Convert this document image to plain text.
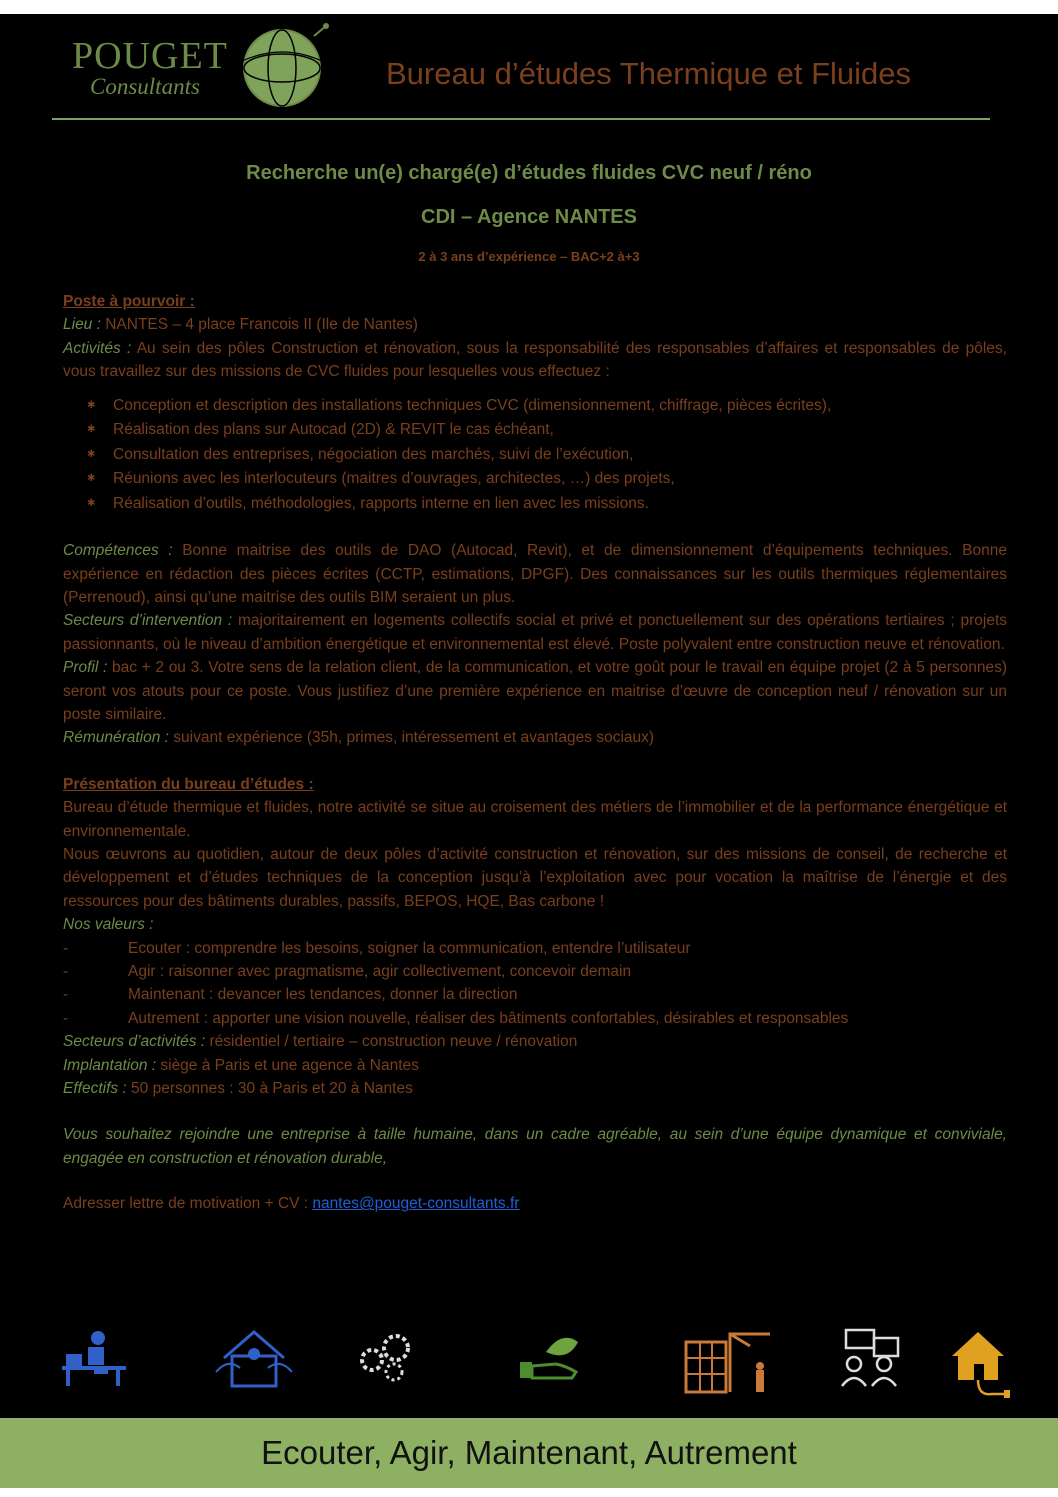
POUGET
Consultants	Bureau d’études Thermique et Fluides
Recherche un(e) chargé(e) d’études fluides CVC neuf / réno
CDI – Agence NANTES
2 à 3 ans d’expérience – BAC+2 à+3

Poste à pourvoir :

Lieu : NANTES – 4 place Francois II (Ile de Nantes)

Activités : Au sein des pôles Construction et rénovation, sous la responsabilité des responsables d’affaires et responsables de pôles, vous travaillez sur des missions de CVC fluides pour lesquelles vous effectuez :

✱ Conception et description des installations techniques CVC (dimensionnement, chiffrage, pièces écrites),
✱ Réalisation des plans sur Autocad (2D) & REVIT le cas échéant,
✱ Consultation des entreprises, négociation des marchés, suivi de l’exécution,
✱ Réunions avec les interlocuteurs (maitres d’ouvrages, architectes, …) des projets,
✱ Réalisation d’outils, méthodologies, rapports interne en lien avec les missions.

Compétences : Bonne maitrise des outils de DAO (Autocad, Revit), et de dimensionnement d’équipements techniques. Bonne expérience en rédaction des pièces écrites (CCTP, estimations, DPGF). Des connaissances sur les outils thermiques réglementaires (Perrenoud), ainsi qu’une maitrise des outils BIM seraient un plus.

Secteurs d’intervention : majoritairement en logements collectifs social et privé et ponctuellement sur des opérations tertiaires ; projets passionnants, où le niveau d’ambition énergétique et environnemental est élevé. Poste polyvalent entre construction neuve et rénovation.

Profil : bac + 2 ou 3. Votre sens de la relation client, de la communication, et votre goût pour le travail en équipe projet (2 à 5 personnes) seront vos atouts pour ce poste. Vous justifiez d’une première expérience en maitrise d’œuvre de conception neuf / rénovation sur un poste similaire.

Rémunération : suivant expérience (35h, primes, intéressement et avantages sociaux)

Présentation du bureau d’études :

Bureau d’étude thermique et fluides, notre activité se situe au croisement des métiers de l’immobilier et de la performance énergétique et environnementale.

Nous œuvrons au quotidien, autour de deux pôles d’activité construction et rénovation, sur des missions de conseil, de recherche et développement et d’études techniques de la conception jusqu’à l’exploitation avec pour vocation la maîtrise de l’énergie et des ressources pour des bâtiments durables, passifs, BEPOS, HQE, Bas carbone !

Nos valeurs :

-	Ecouter : comprendre les besoins, soigner la communication, entendre l’utilisateur
-	Agir : raisonner avec pragmatisme, agir collectivement, concevoir demain
-	Maintenant : devancer les tendances, donner la direction
-	Autrement : apporter une vision nouvelle, réaliser des bâtiments confortables, désirables et responsables

Secteurs d’activités : résidentiel / tertiaire – construction neuve / rénovation

Implantation : siège à Paris et une agence à Nantes

Effectifs : 50 personnes : 30 à Paris et 20 à Nantes

Vous souhaitez rejoindre une entreprise à taille humaine, dans un cadre agréable, au sein d’une équipe dynamique et conviviale, engagée en construction et rénovation durable,

Adresser lettre de motivation + CV : nantes@pouget-consultants.fr

Ecouter, Agir, Maintenant, Autrement
